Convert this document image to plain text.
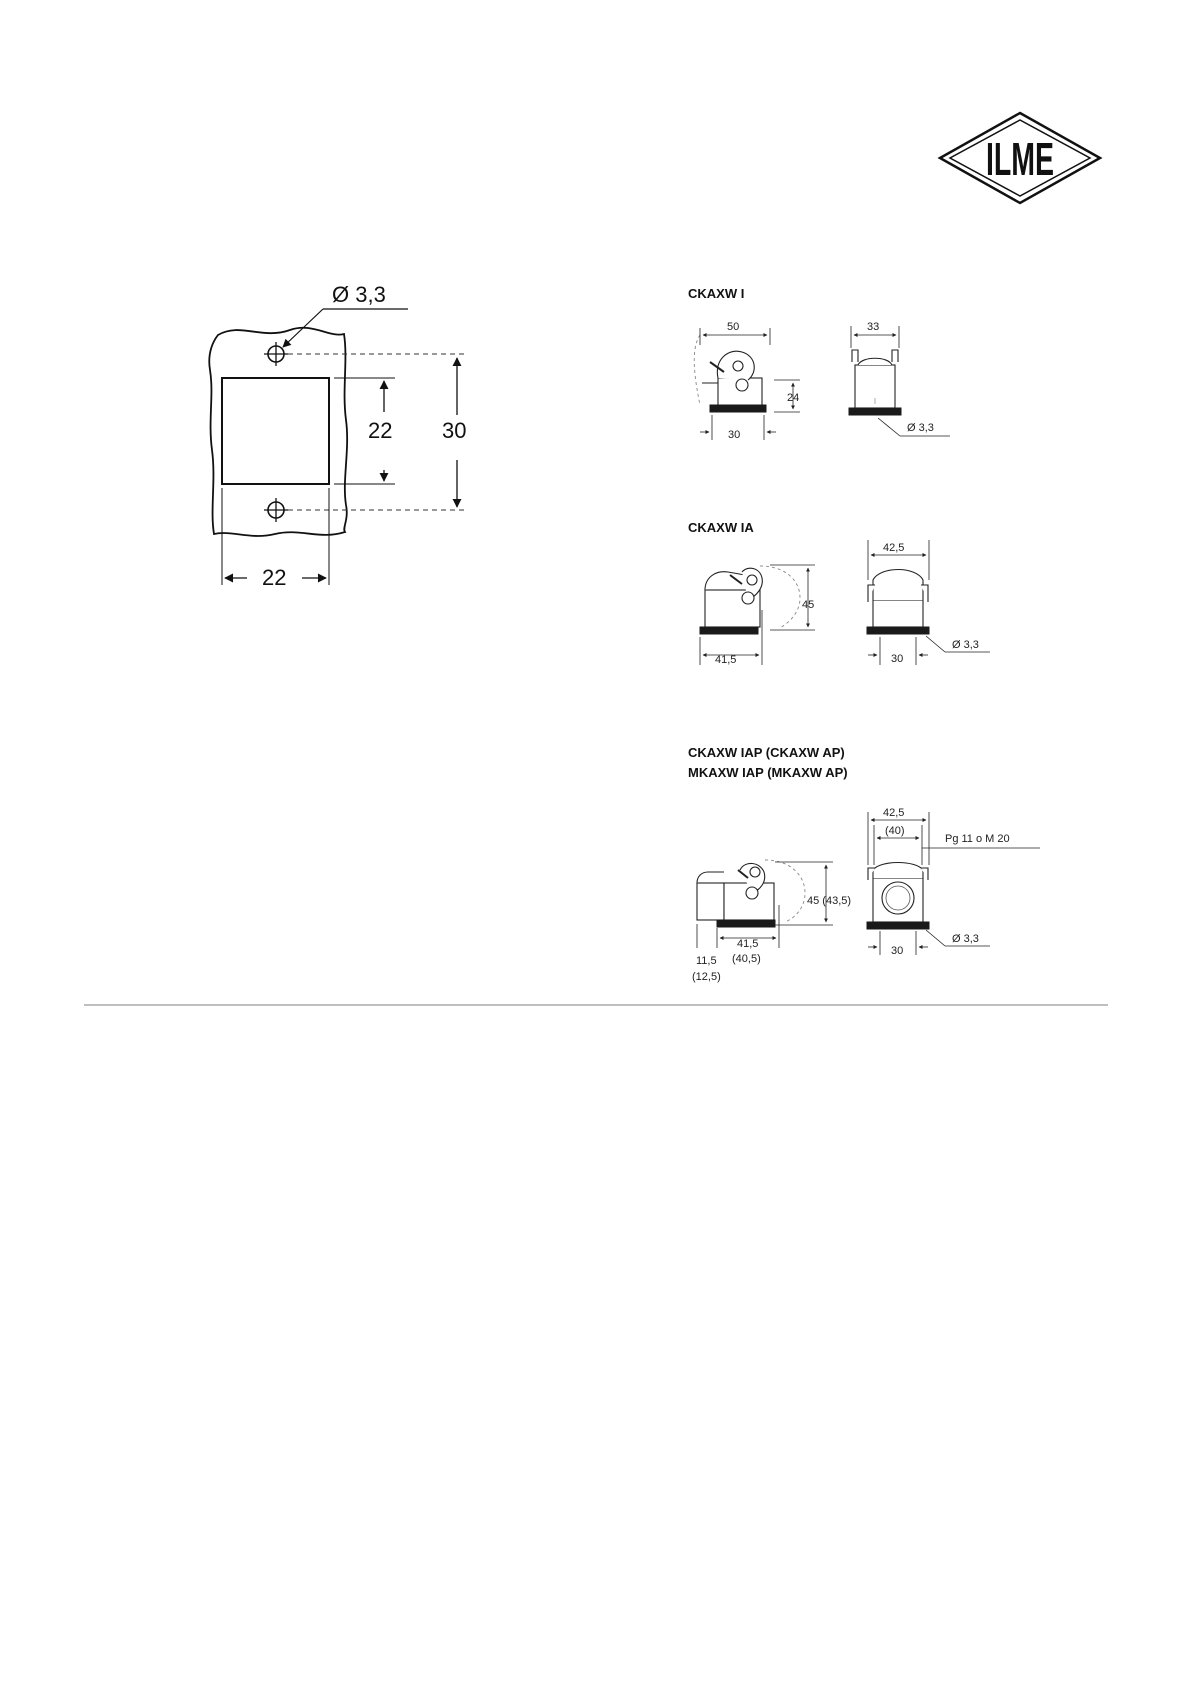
ILME
Ø 3,3
30
22
22
CKAXW I
50
24
30
33
Ø 3,3
CKAXW IA
45
41,5
42,5
30
Ø 3,3
CKAXW IAP (CKAXW AP)
MKAXW IAP (MKAXW AP)
45 (43,5)
11,5
(12,5)
41,5
(40,5)
42,5
(40)
Pg 11 o M 20
30
Ø 3,3
